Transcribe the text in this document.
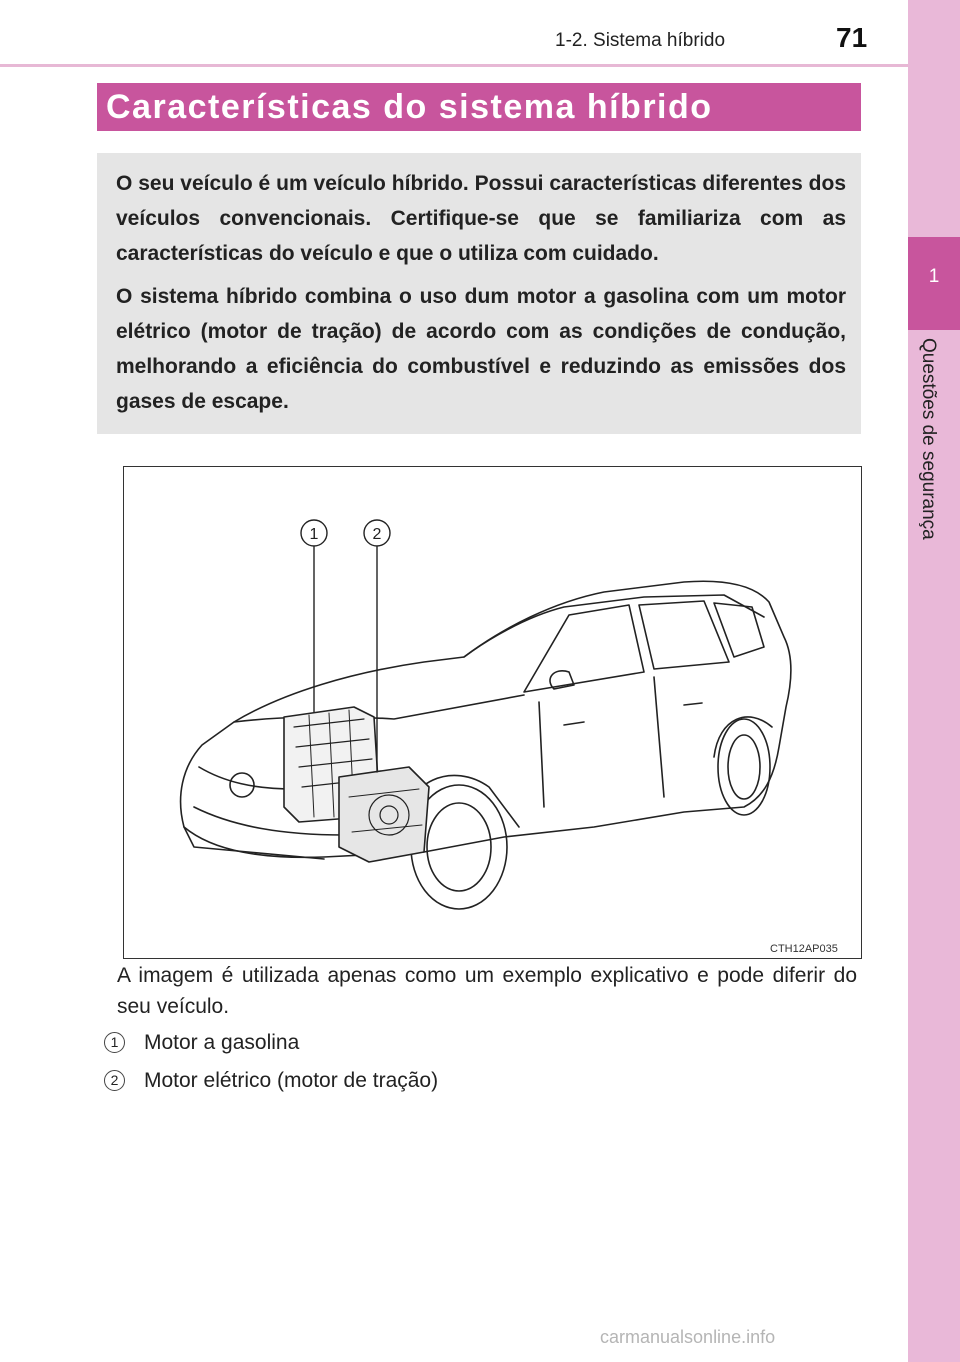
1-2. Sistema híbrido	71
1
Questões de segurança
Características do sistema híbrido

O seu veículo é um veículo híbrido. Possui características diferentes dos veículos convencionais. Certifique-se que se familiariza com as características do veículo e que o utiliza com cuidado.

O sistema híbrido combina o uso dum motor a gasolina com um motor elétrico (motor de tração) de acordo com as condições de condução, melhorando a eficiência do combustível e reduzindo as emissões dos gases de escape.

1	2
CTH12AP035

A imagem é utilizada apenas como um exemplo explicativo e pode diferir do seu veículo.

1 Motor a gasolina
2 Motor elétrico (motor de tração)
carmanualsonline.info
